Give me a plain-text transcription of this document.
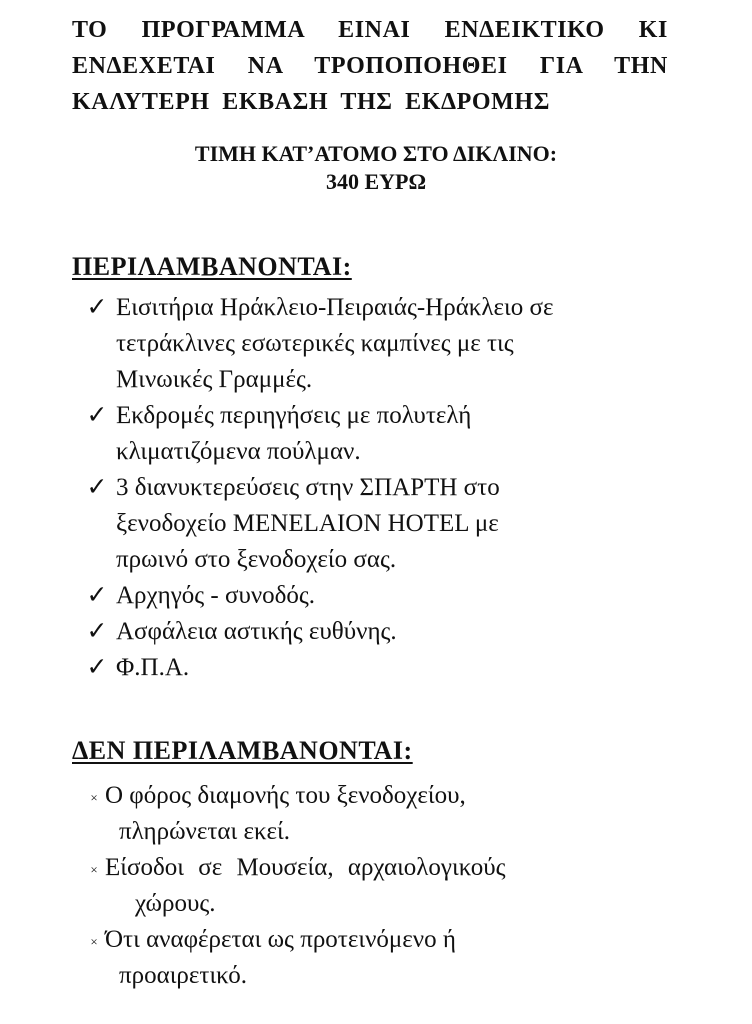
ΤΟ ΠΡΟΓΡΑΜΜΑ ΕΙΝΑΙ ΕΝΔΕΙΚΤΙΚΟ ΚΙ
ΕΝΔΕΧΕΤΑΙ ΝΑ ΤΡΟΠΟΠΟΗΘΕΙ ΓΙΑ ΤΗΝ
ΚΑΛΥΤΕΡΗ ΕΚΒΑΣΗ ΤΗΣ ΕΚΔΡΟΜΗΣ
ΤΙΜΗ ΚΑΤ’ΑΤΟΜΟ ΣΤΟ ΔΙΚΛΙΝΟ:
340 ΕΥΡΩ
ΠΕΡΙΛΑΜΒΑΝΟΝΤΑΙ:
✓ Εισιτήρια Ηράκλειο-Πειραιάς-Ηράκλειο σε
τετράκλινες εσωτερικές καμπίνες με τις
Μινωικές Γραμμές.
✓ Εκδρομές περιηγήσεις με πολυτελή
κλιματιζόμενα πούλμαν.
✓ 3 διανυκτερεύσεις στην ΣΠΑΡΤΗ στο
ξενοδοχείο MENELAION HOTEL με
πρωινό στο ξενοδοχείο σας.
✓ Αρχηγός - συνοδός.
✓ Ασφάλεια αστικής ευθύνης.
✓ Φ.Π.Α.
ΔΕΝ ΠΕΡΙΛΑΜΒΑΝΟΝΤΑΙ:
× Ο φόρος διαμονής του ξενοδοχείου,
πληρώνεται εκεί.
× Είσοδοι σε Μουσεία, αρχαιολογικούς
χώρους.
× Ότι αναφέρεται ως προτεινόμενο ή
προαιρετικό.
